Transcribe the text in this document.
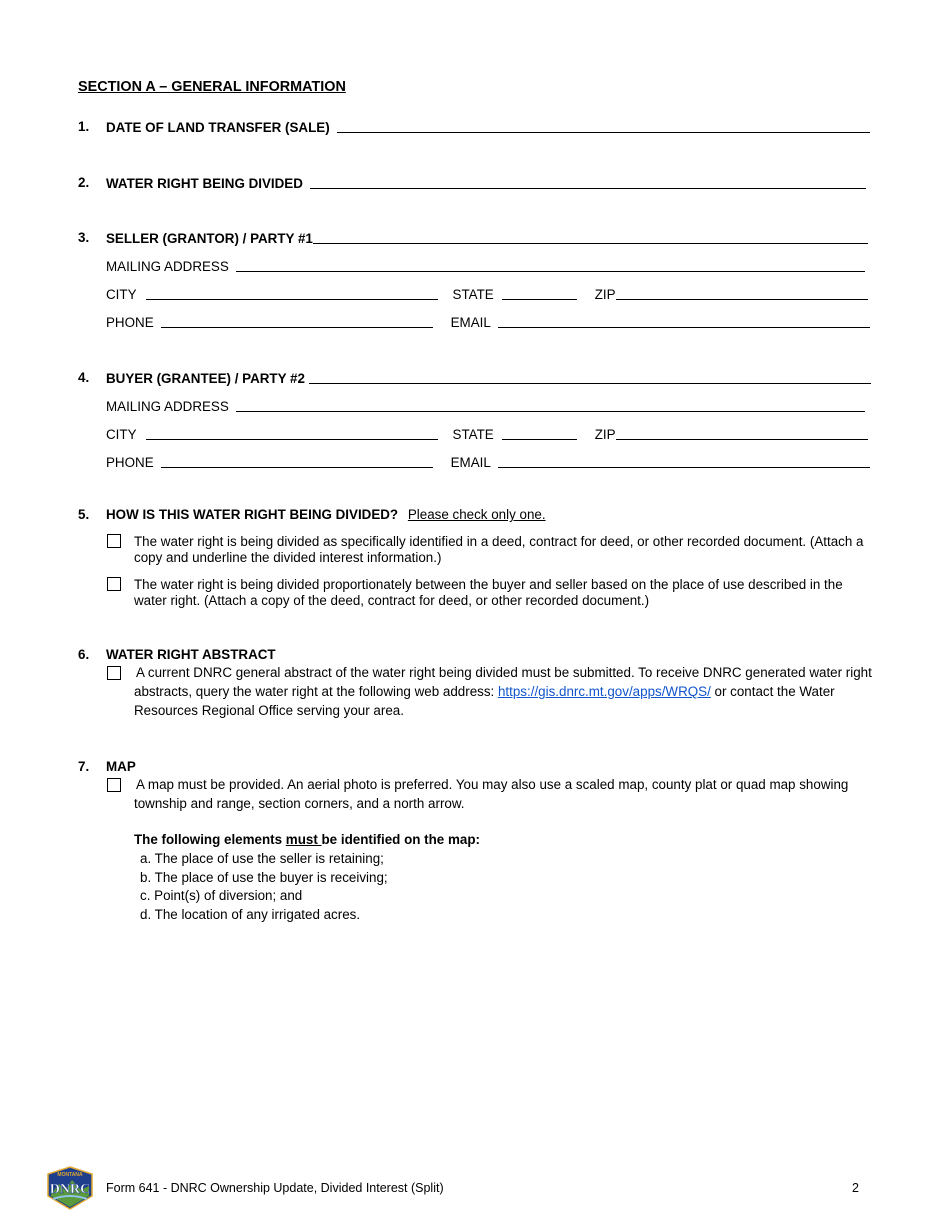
SECTION A – GENERAL INFORMATION
1. DATE OF LAND TRANSFER (SALE)
2. WATER RIGHT BEING DIVIDED
3. SELLER (GRANTOR) / PARTY #1
MAILING ADDRESS
CITY	STATE	ZIP
PHONE	EMAIL
4. BUYER (GRANTEE) / PARTY #2
MAILING ADDRESS
CITY	STATE	ZIP
PHONE	EMAIL
5. HOW IS THIS WATER RIGHT BEING DIVIDED? Please check only one.
The water right is being divided as specifically identified in a deed, contract for deed, or other recorded document. (Attach a copy and underline the divided interest information.)
The water right is being divided proportionately between the buyer and seller based on the place of use described in the water right. (Attach a copy of the deed, contract for deed, or other recorded document.)
6. WATER RIGHT ABSTRACT
A current DNRC general abstract of the water right being divided must be submitted. To receive DNRC generated water right abstracts, query the water right at the following web address: https://gis.dnrc.mt.gov/apps/WRQS/ or contact the Water Resources Regional Office serving your area.
7. MAP
A map must be provided. An aerial photo is preferred. You may also use a scaled map, county plat or quad map showing township and range, section corners, and a north arrow.
The following elements must be identified on the map:
a. The place of use the seller is retaining;
b. The place of use the buyer is receiving;
c. Point(s) of diversion; and
d. The location of any irrigated acres.
MONTANA
DNRC Form 641 - DNRC Ownership Update, Divided Interest (Split)	2
